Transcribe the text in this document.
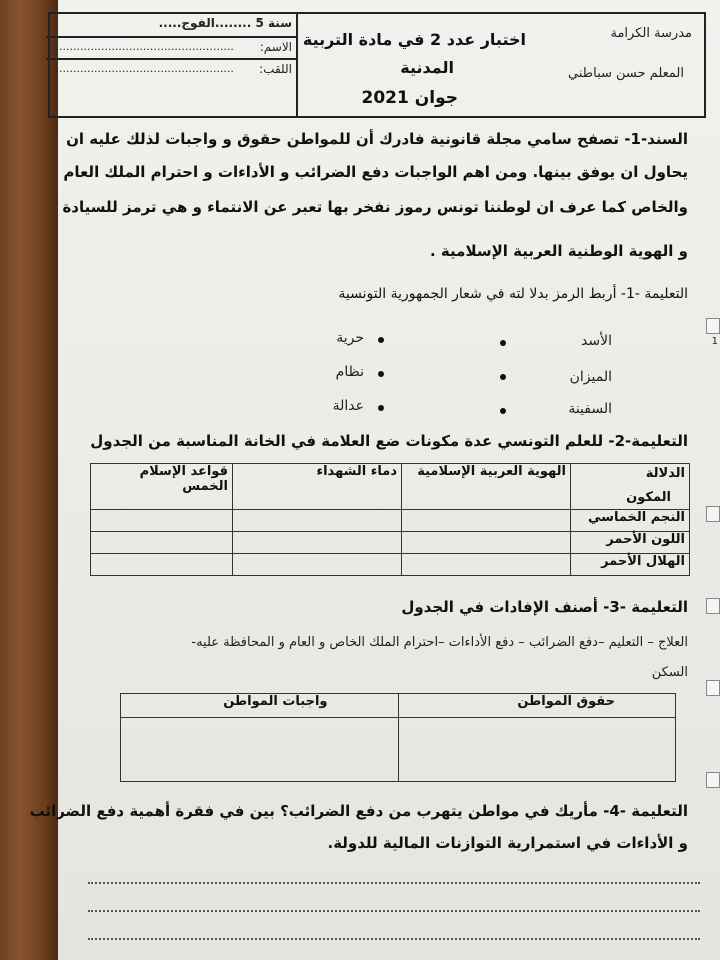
مدرسة الكرامة
المعلم حسن سباطني
اختبار عدد 2 في مادة التربية
المدنية
جوان 2021
سنة 5 ........الفوج.....
الاسم:
....................................................
اللقب:
....................................................
السند-1- تصفح سامي مجلة قانونية فادرك أن للمواطن حقوق و واجبات لذلك عليه ان
يحاول ان يوفق بينها. ومن اهم الواجبات دفع الضرائب و الأداءات و احترام الملك العام
والخاص كما عرف ان لوطننا تونس رموز نفخر بها تعبر عن الانتماء و هي ترمز للسيادة
و الهوية الوطنية العربية الإسلامية .
التعليمة -1- أربط الرمز بدلا لته في شعار الجمهورية التونسية
الأسد
الميزان
السفينة
حرية
نظام
عدالة
التعليمة-2- للعلم التونسي عدة مكونات ضع العلامة في الخانة المناسبة من الجدول
الدلالة
المكون	الهوية العربية الإسلامية	دماء الشهداء	قواعد الإسلام الخمس
النجم الخماسي			
اللون الأحمر			
الهلال الأحمر			
التعليمة -3- أصنف الإفادات في الجدول
العلاج – التعليم –دفع الضرائب – دفع الأداءات –احترام الملك الخاص و العام و المحافظة عليه-
السكن
حقوق المواطن	واجبات المواطن

التعليمة -4- مأريك في مواطن يتهرب من دفع الضرائب؟ بين في فقرة أهمية دفع الضرائب
و الأداءات في استمرارية التوازنات المالية للدولة.
1
